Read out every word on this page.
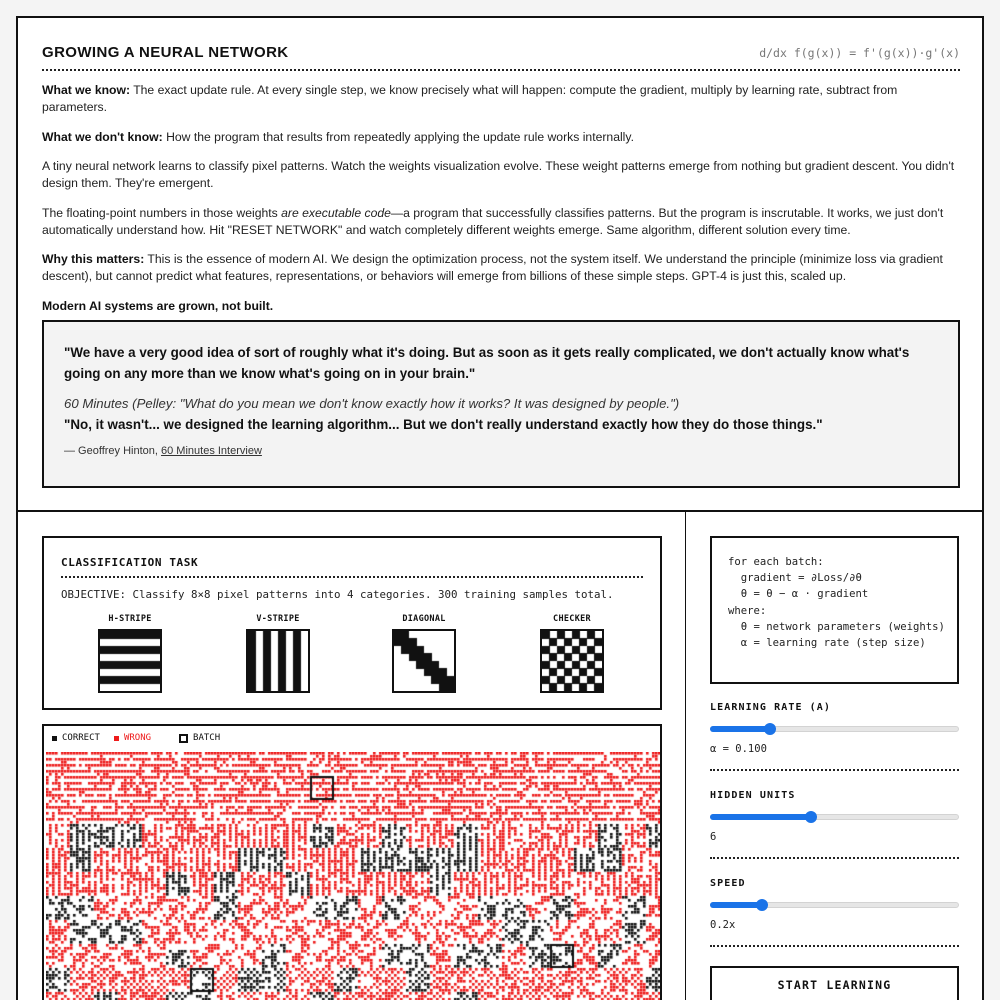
GROWING A NEURAL NETWORK	d/dx f(g(x)) = f'(g(x))·g'(x)

What we know: The exact update rule. At every single step, we know precisely what will happen: compute the gradient, multiply by learning rate, subtract from parameters.

What we don't know: How the program that results from repeatedly applying the update rule works internally.

A tiny neural network learns to classify pixel patterns. Watch the weights visualization evolve. These weight patterns emerge from nothing but gradient descent. You didn't design them. They're emergent.

The floating-point numbers in those weights are executable code—a program that successfully classifies patterns. But the program is inscrutable. It works, we just don't automatically understand how. Hit "RESET NETWORK" and watch completely different weights emerge. Same algorithm, different solution every time.

Why this matters: This is the essence of modern AI. We design the optimization process, not the system itself. We understand the principle (minimize loss via gradient descent), but cannot predict what features, representations, or behaviors will emerge from billions of these simple steps. GPT-4 is just this, scaled up.

Modern AI systems are grown, not built.

"We have a very good idea of sort of roughly what it's doing. But as soon as it gets really complicated, we don't actually know what's going on any more than we know what's going on in your brain."
60 Minutes (Pelley: "What do you mean we don't know exactly how it works? It was designed by people.")
"No, it wasn't... we designed the learning algorithm... But we don't really understand exactly how they do those things."
— Geoffrey Hinton, 60 Minutes Interview
CLASSIFICATION TASK
OBJECTIVE: Classify 8×8 pixel patterns into 4 categories. 300 training samples total.
H-STRIPE	V-STRIPE	DIAGONAL	CHECKER
CORRECT	WRONG	BATCH
for each batch:
gradient = ∂Loss/∂θ
θ = θ − α · gradient
where:
θ = network parameters (weights)
α = learning rate (step size)
LEARNING RATE (Α)
α = 0.100
HIDDEN UNITS
6
SPEED
0.2x
START LEARNING
